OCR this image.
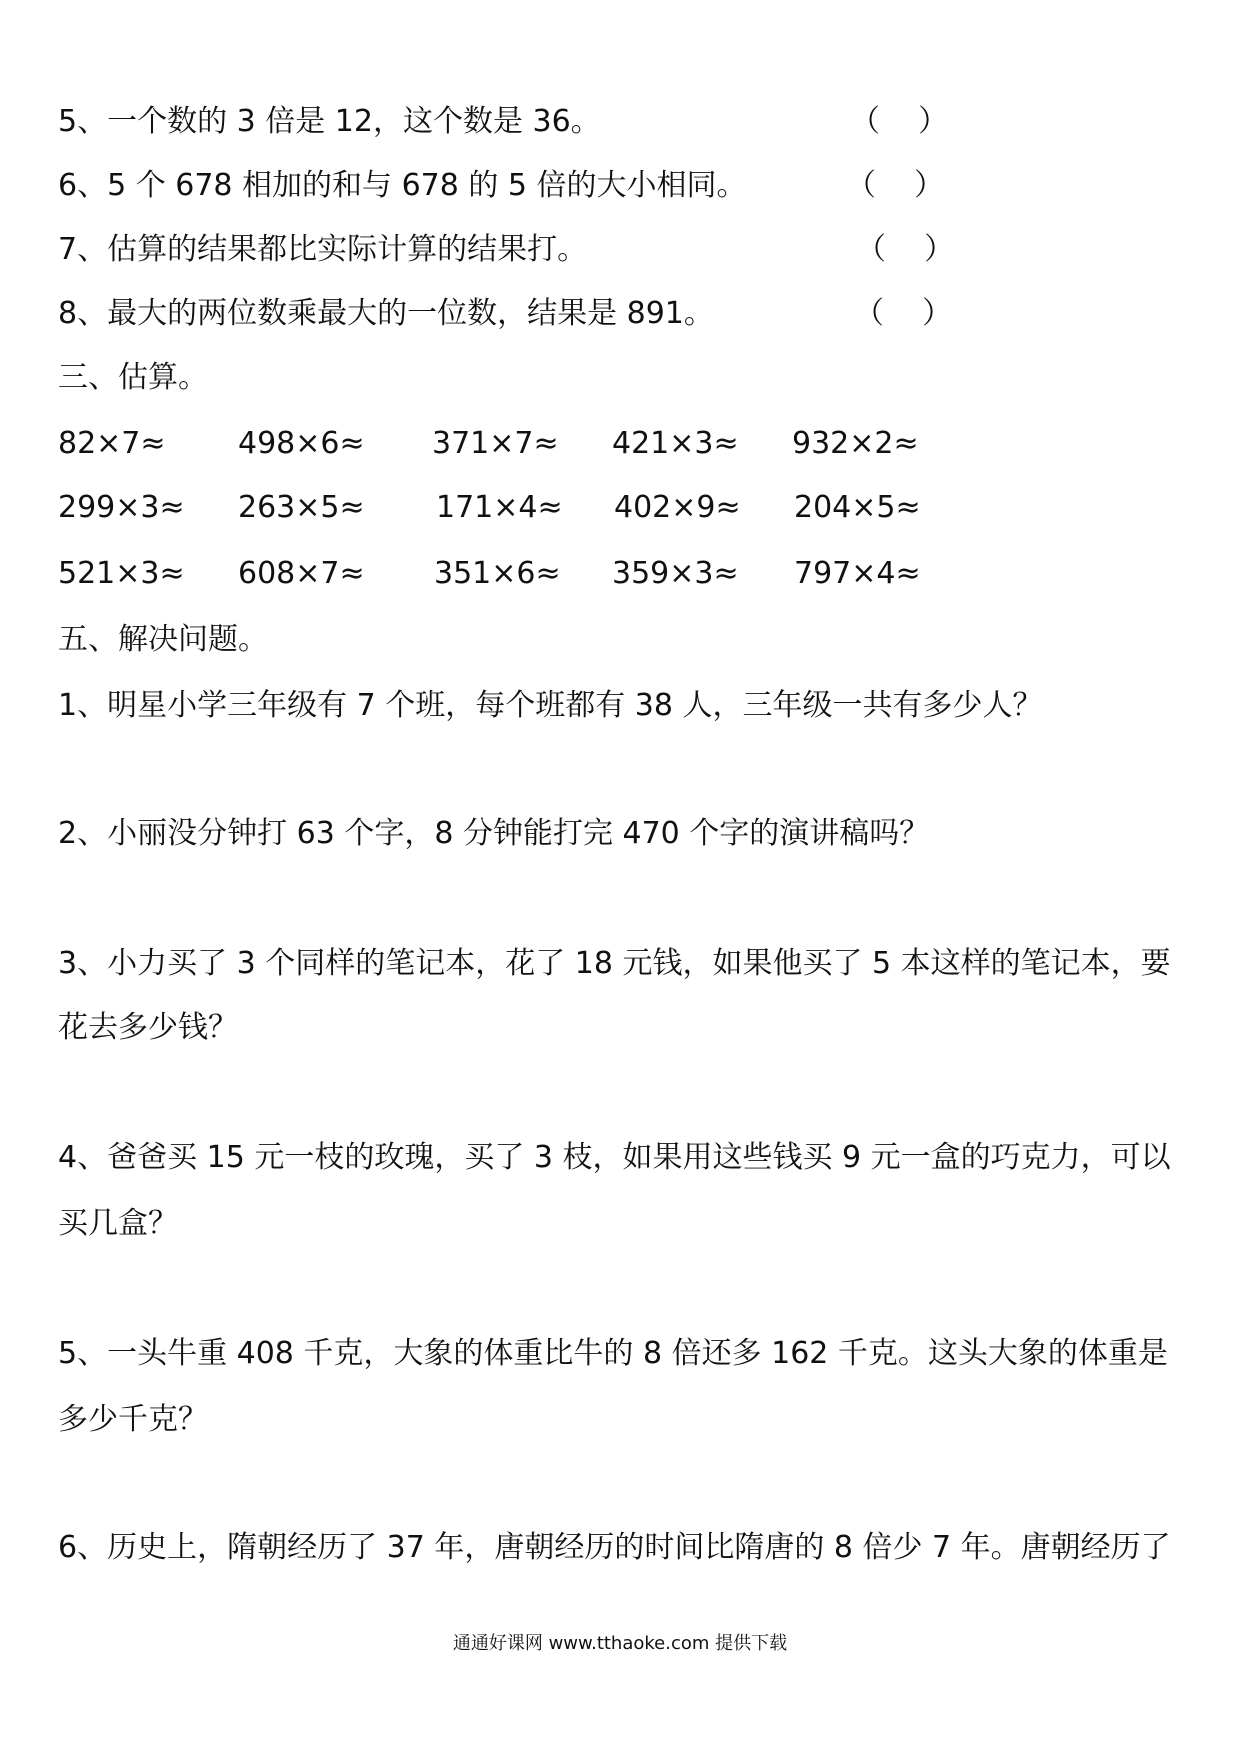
5、一个数的 3 倍是 12，这个数是 36。	（    ）
6、5 个 678 相加的和与 678 的 5 倍的大小相同。	（    ）
7、估算的结果都比实际计算的结果打。	（    ）
8、最大的两位数乘最大的一位数，结果是 891。	（    ）
三、估算。
82×7≈ 498×6≈ 371×7≈ 421×3≈ 932×2≈
299×3≈ 263×5≈ 171×4≈ 402×9≈ 204×5≈
521×3≈ 608×7≈ 351×6≈ 359×3≈ 797×4≈
五、解决问题。
1、明星小学三年级有 7 个班，每个班都有 38 人，三年级一共有多少人？
2、小丽没分钟打 63 个字，8 分钟能打完 470 个字的演讲稿吗？
3、小力买了 3 个同样的笔记本，花了 18 元钱，如果他买了 5 本这样的笔记本，要
花去多少钱？
4、爸爸买 15 元一枝的玫瑰，买了 3 枝，如果用这些钱买 9 元一盒的巧克力，可以
买几盒？
5、一头牛重 408 千克，大象的体重比牛的 8 倍还多 162 千克。这头大象的体重是
多少千克？
6、历史上，隋朝经历了 37 年，唐朝经历的时间比隋唐的 8 倍少 7 年。唐朝经历了
通通好课网 www.tthaoke.com 提供下载
